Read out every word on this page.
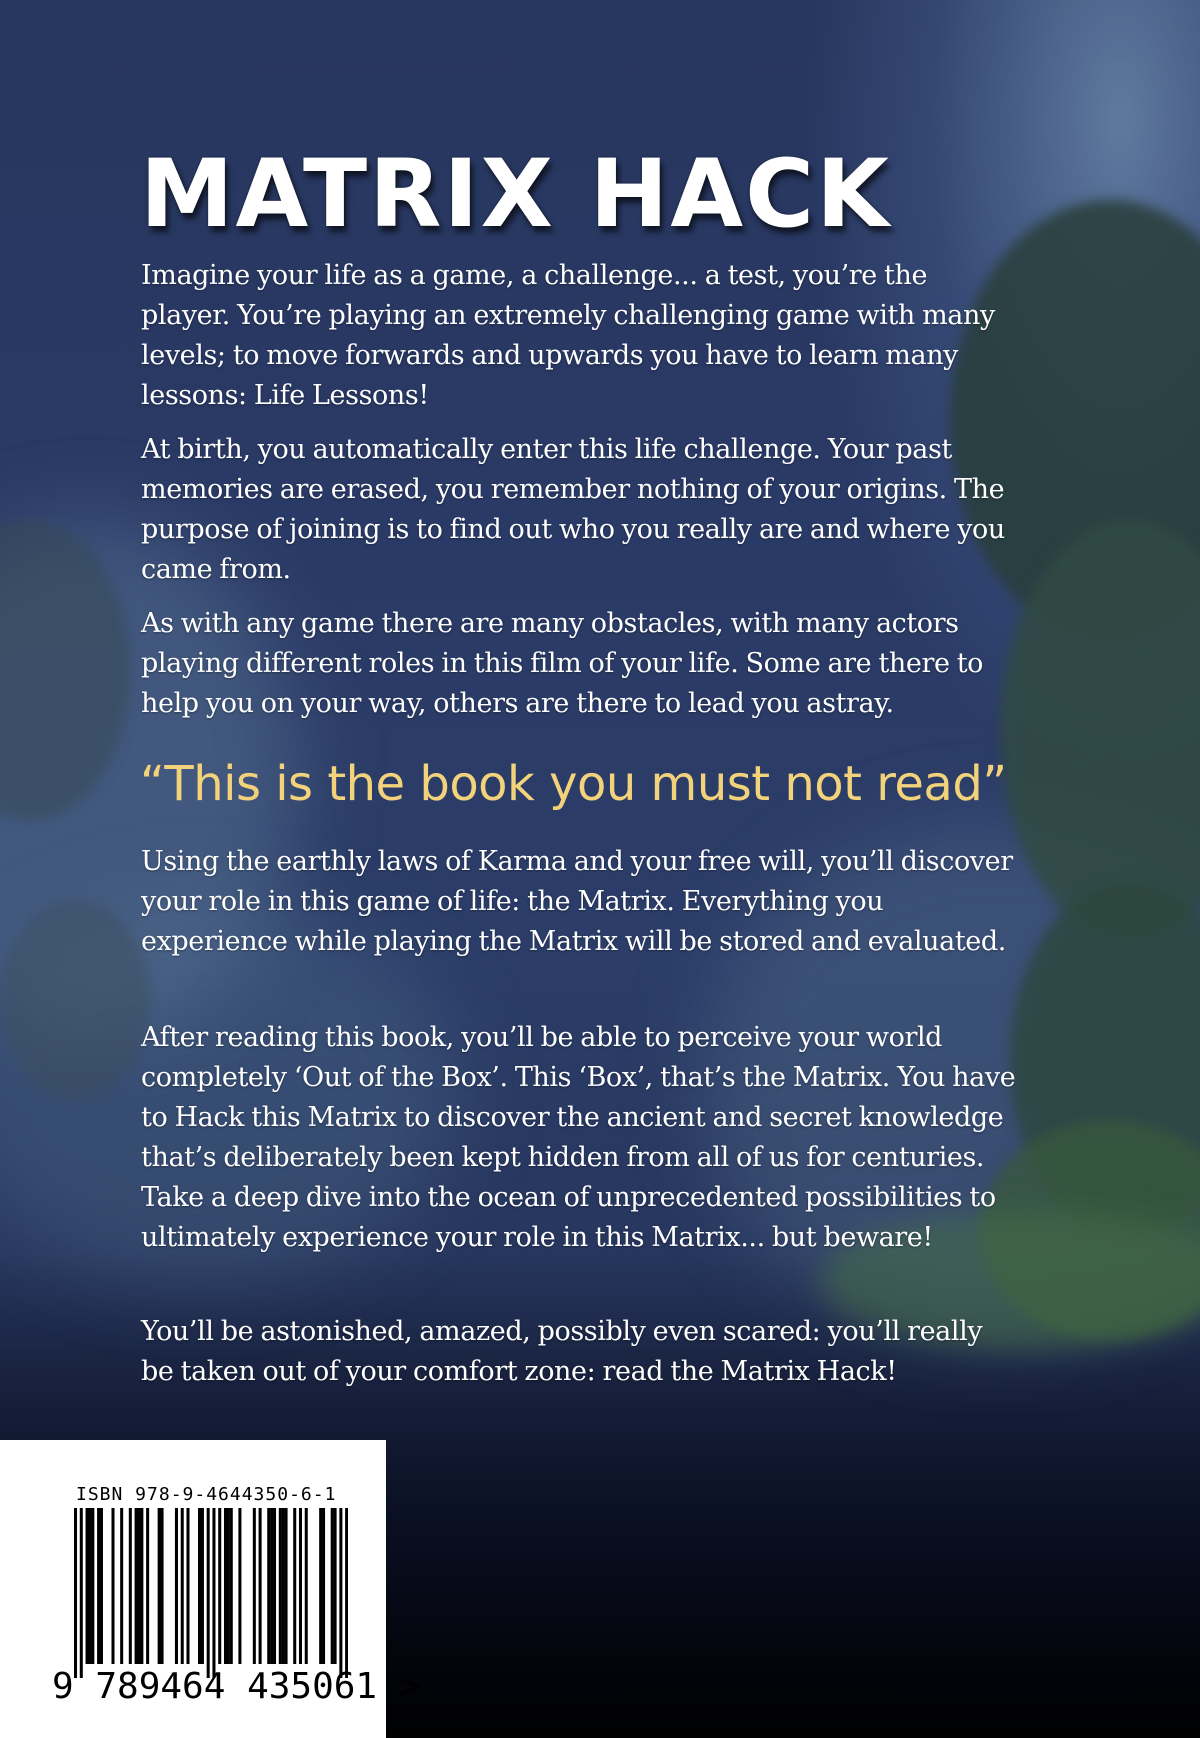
MATRIX HACK

Imagine your life as a game, a challenge... a test, you’re the player. You’re playing an extremely challenging game with many levels; to move forwards and upwards you have to learn many lessons: Life Lessons!

At birth, you automatically enter this life challenge. Your past memories are erased, you remember nothing of your origins. The purpose of joining is to find out who you really are and where you came from.

As with any game there are many obstacles, with many actors playing different roles in this film of your life. Some are there to help you on your way, others are there to lead you astray.

“This is the book you must not read”

Using the earthly laws of Karma and your free will, you’ll discover your role in this game of life: the Matrix. Everything you experience while playing the Matrix will be stored and evaluated.

After reading this book, you’ll be able to perceive your world completely ‘Out of the Box’. This ‘Box’, that’s the Matrix. You have to Hack this Matrix to discover the ancient and secret knowledge that’s deliberately been kept hidden from all of us for centuries. Take a deep dive into the ocean of unprecedented possibilities to ultimately experience your role in this Matrix... but beware!

You’ll be astonished, amazed, possibly even scared: you’ll really be taken out of your comfort zone: read the Matrix Hack!

ISBN 978-9-4644350-6-1

9 789464 435061 >
